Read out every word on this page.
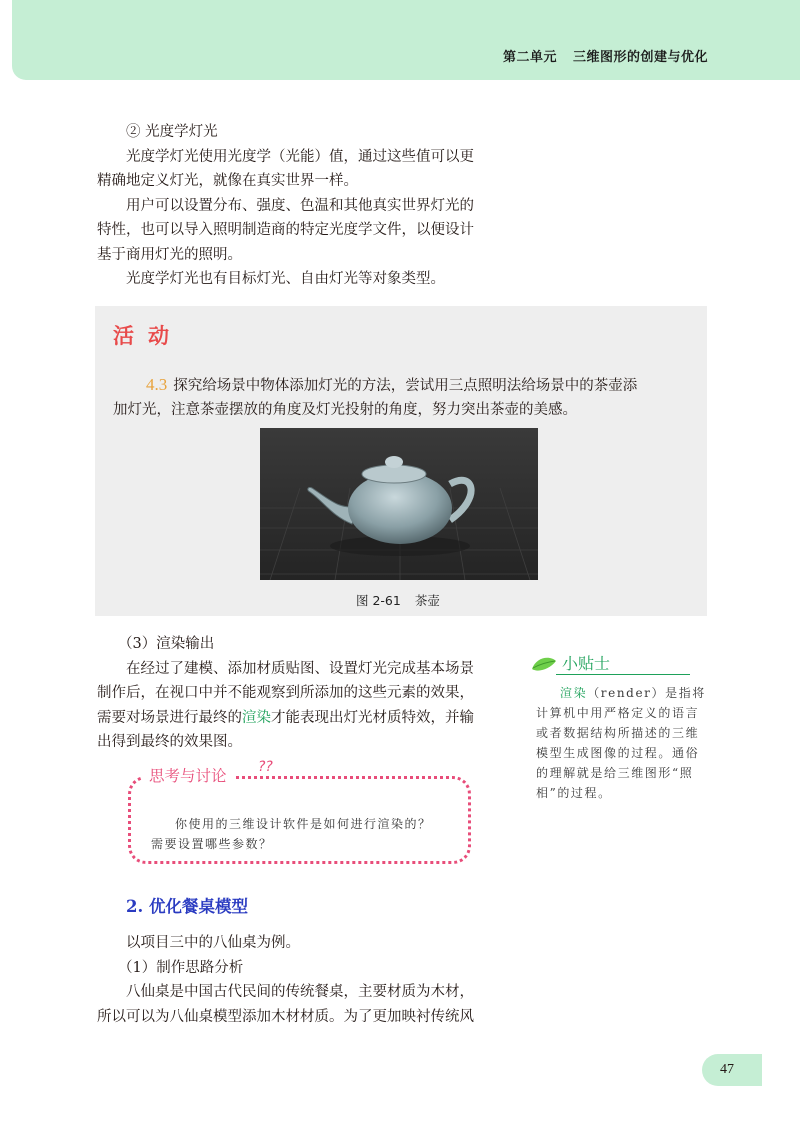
第二单元 三维图形的创建与优化
② 光度学灯光
光度学灯光使用光度学（光能）值，通过这些值可以更
精确地定义灯光，就像在真实世界一样。
用户可以设置分布、强度、色温和其他真实世界灯光的
特性，也可以导入照明制造商的特定光度学文件，以便设计
基于商用灯光的照明。
光度学灯光也有目标灯光、自由灯光等对象类型。
活动
4.3 探究给场景中物体添加灯光的方法，尝试用三点照明法给场景中的茶壶添
加灯光，注意茶壶摆放的角度及灯光投射的角度，努力突出茶壶的美感。
图 2-61 茶壶
（3）渲染输出
在经过了建模、添加材质贴图、设置灯光完成基本场景
制作后，在视口中并不能观察到所添加的这些元素的效果，
需要对场景进行最终的渲染才能表现出灯光材质特效，并输
出得到最终的效果图。
小贴士
渲染（render）是指将计算机中用严格定义的语言或者数据结构所描述的三维模型生成图像的过程。通俗的理解就是给三维图形“照相”的过程。
思考与讨论	??
你使用的三维设计软件是如何进行渲染的？
需要设置哪些参数？
2. 优化餐桌模型
以项目三中的八仙桌为例。
（1）制作思路分析
八仙桌是中国古代民间的传统餐桌，主要材质为木材，
所以可以为八仙桌模型添加木材材质。为了更加映衬传统风
47
